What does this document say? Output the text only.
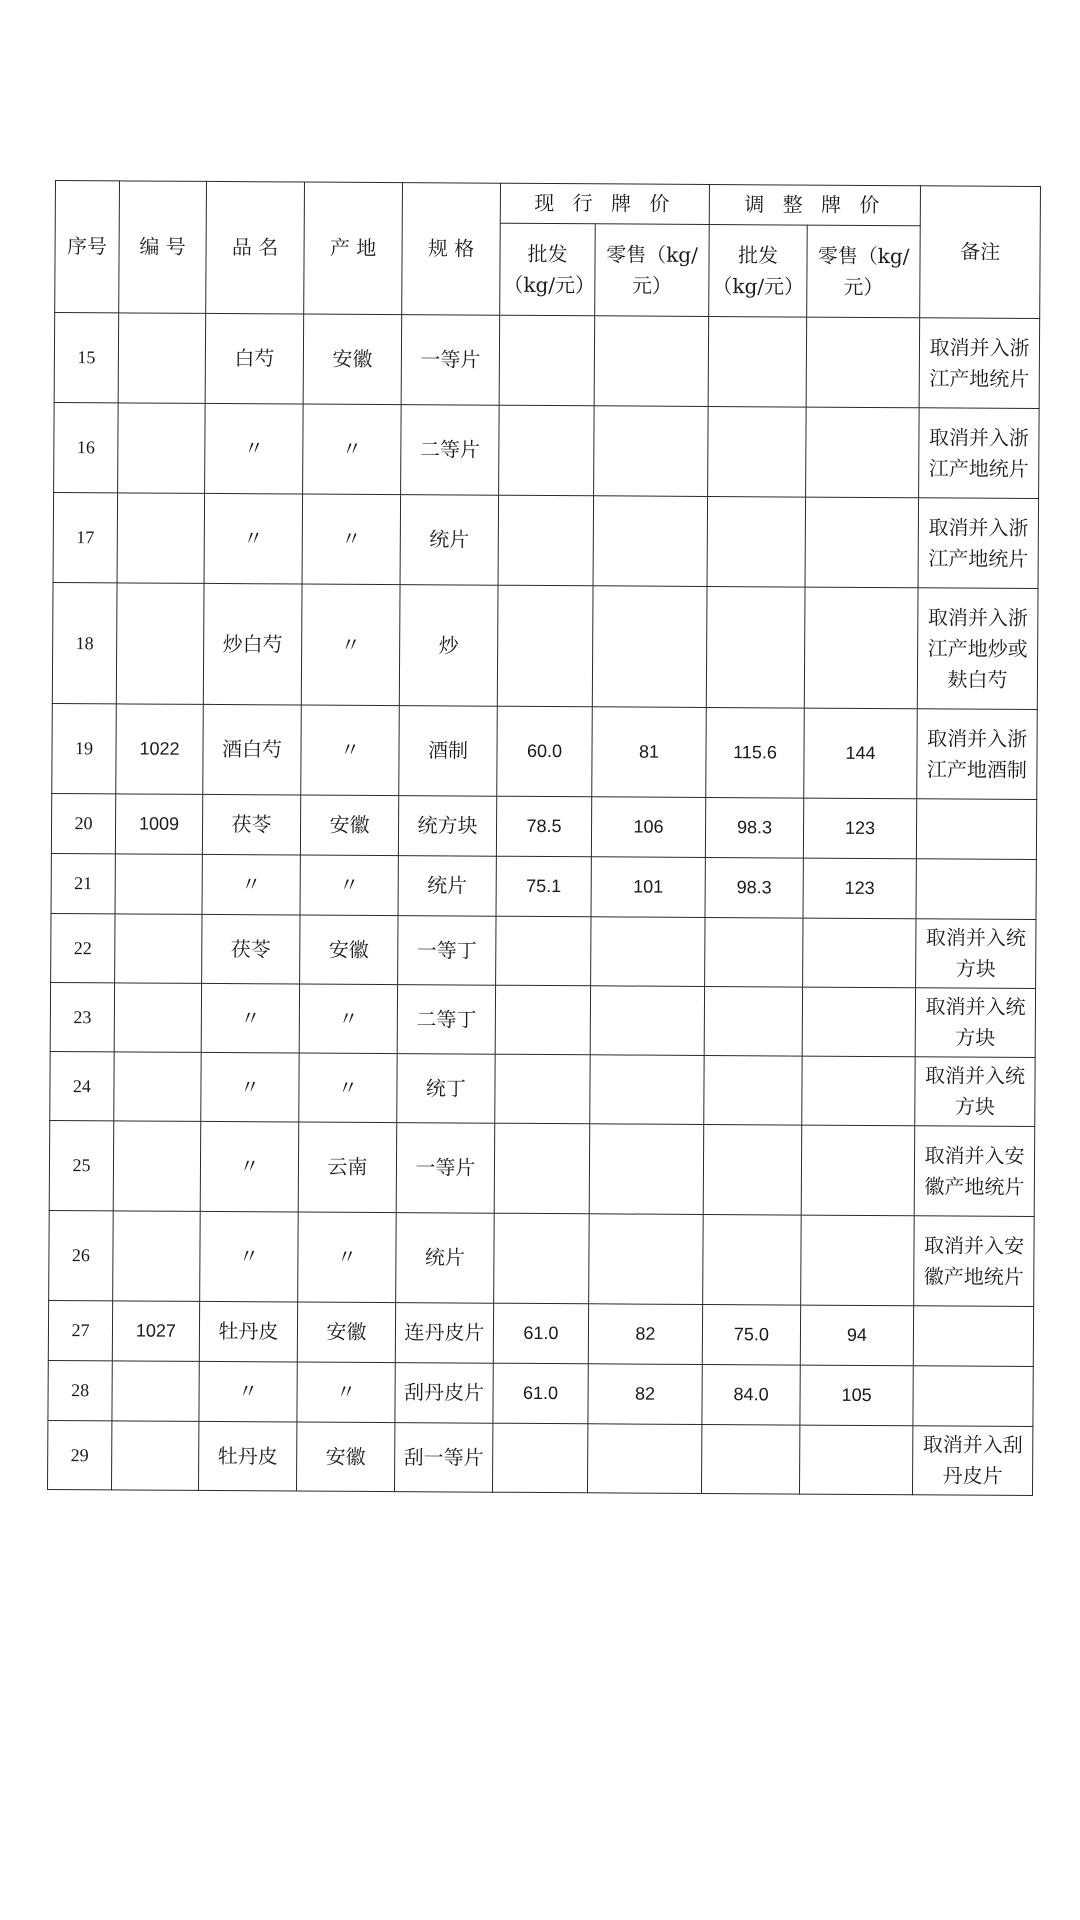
序号	编 号	品 名	产 地	规 格	现 行 牌 价		调 整 牌 价		备注
					批发（kg/元）	零售（kg/元）	批发（kg/元）	零售（kg/元）	
15		白芍	安徽	一等片					取消并入浙江产地统片
16		〃	〃	二等片					取消并入浙江产地统片
17		〃	〃	统片					取消并入浙江产地统片
18		炒白芍	〃	炒					取消并入浙江产地炒或麸白芍
19	1022	酒白芍	〃	酒制	60.0	81	115.6	144	取消并入浙江产地酒制
20	1009	茯苓	安徽	统方块	78.5	106	98.3	123	
21		〃	〃	统片	75.1	101	98.3	123	
22		茯苓	安徽	一等丁					取消并入统方块
23		〃	〃	二等丁					取消并入统方块
24		〃	〃	统丁					取消并入统方块
25		〃	云南	一等片					取消并入安徽产地统片
26		〃	〃	统片					取消并入安徽产地统片
27	1027	牡丹皮	安徽	连丹皮片	61.0	82	75.0	94	
28		〃	〃	刮丹皮片	61.0	82	84.0	105	
29		牡丹皮	安徽	刮一等片					取消并入刮丹皮片
